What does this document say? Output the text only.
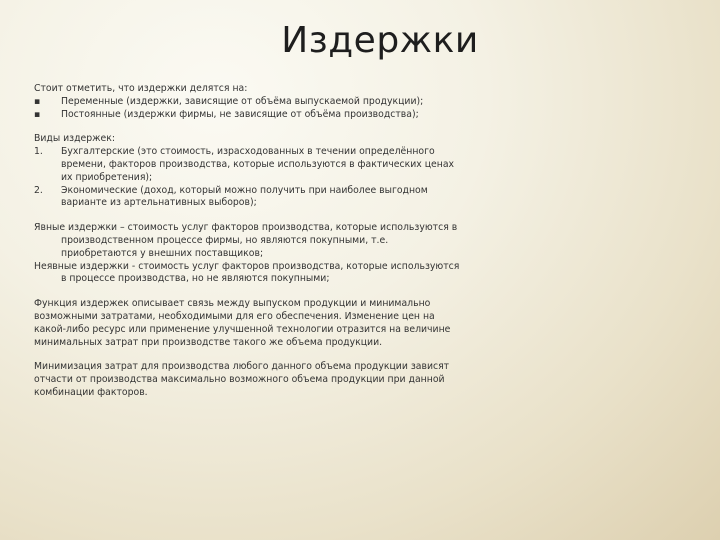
Издержки

Стоит отметить, что издержки делятся на:

▪	Переменные (издержки, зависящие от объёма выпускаемой продукции);
▪	Постоянные (издержки фирмы, не зависящие от объёма производства);

Виды издержек:

1.	Бухгалтерские (это стоимость, израсходованных в течении определённого времени, факторов производства, которые используются в фактических ценах их приобретения);
2.	Экономические (доход, который можно получить при наиболее выгодном варианте из артельнативных выборов);

Явные издержки – стоимость услуг факторов производства, которые используются в производственном процессе фирмы, но являются покупными, т.е. приобретаются у внешних поставщиков;

Неявные издержки - стоимость услуг факторов производства, которые используются в процессе производства, но не являются покупными;

Функция издержек описывает связь между выпуском продукции и минимально возможными затратами, необходимыми для его обеспечения. Изменение цен на какой-либо ресурс или применение улучшенной технологии отразится на величине минимальных затрат при производстве такого же объема продукции.

Минимизация затрат для производства любого данного объема продукции зависят отчасти от производства максимально возможного объема продукции при данной комбинации факторов.
